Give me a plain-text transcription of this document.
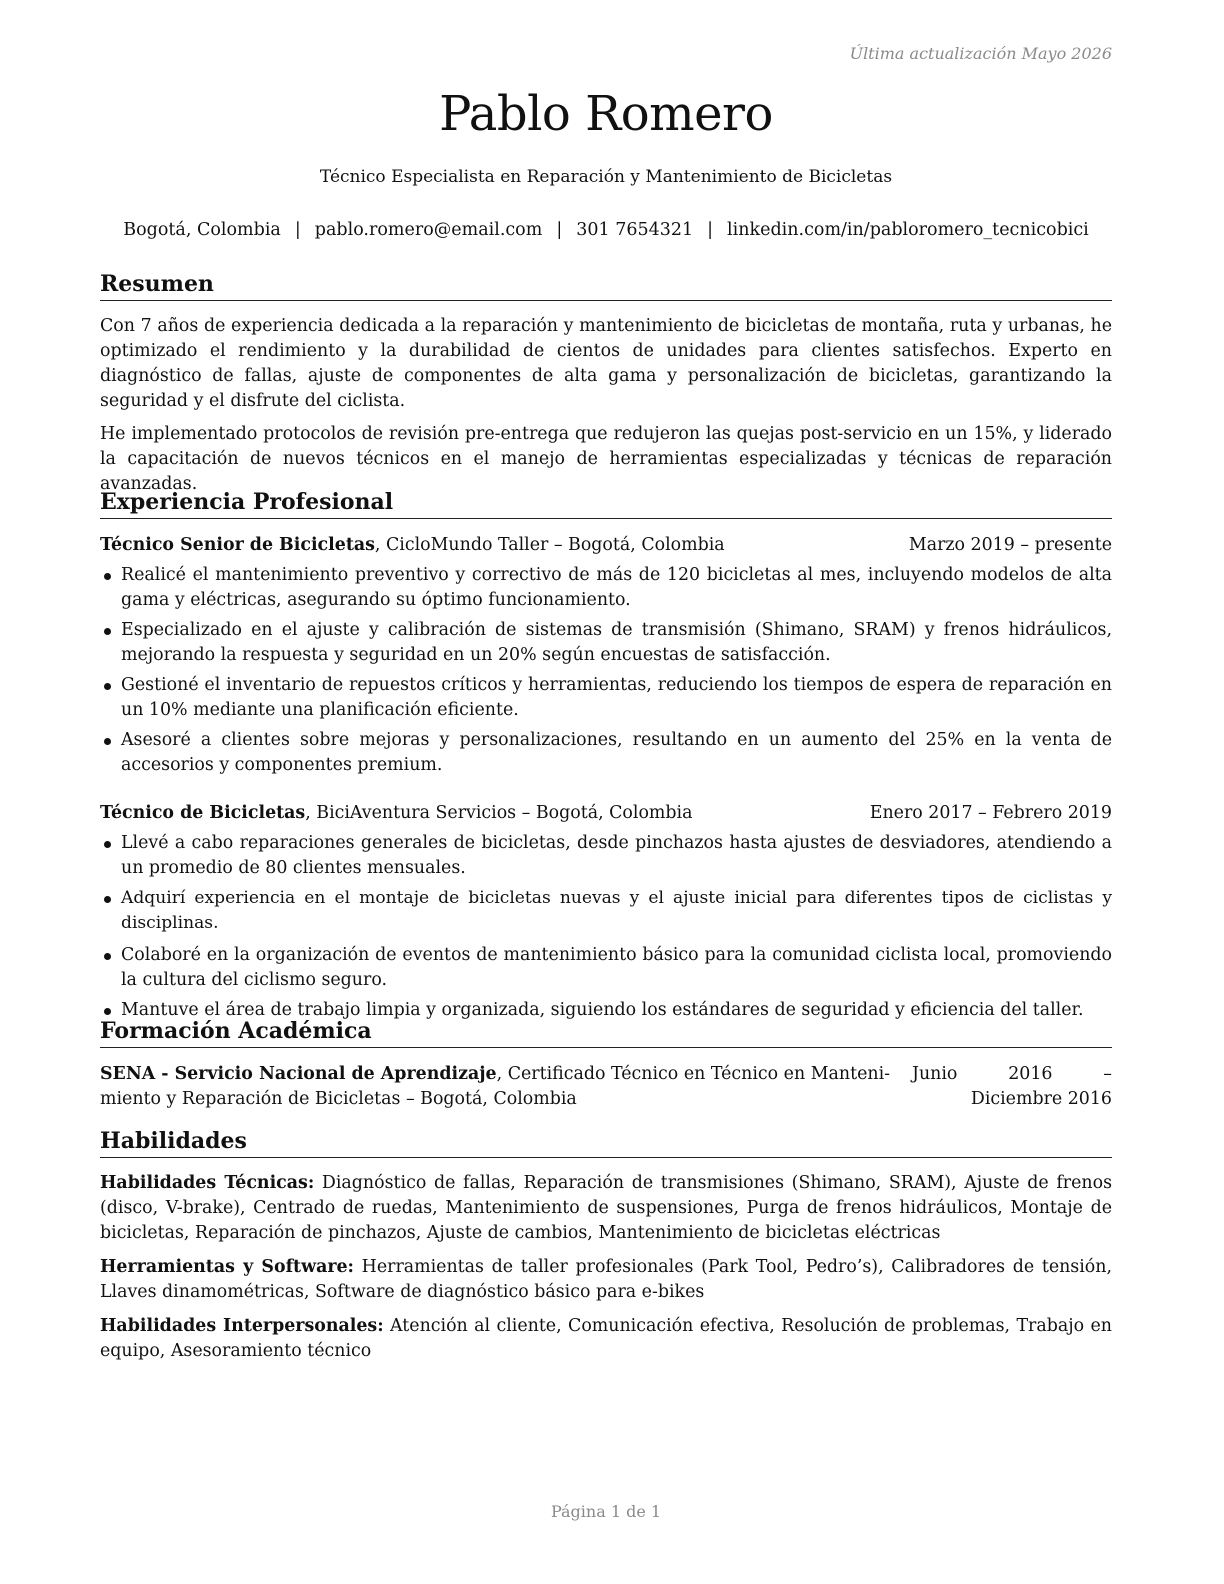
Última actualización Mayo 2026
Pablo Romero
Técnico Especialista en Reparación y Mantenimiento de Bicicletas
Bogotá, Colombia | pablo.romero@email.com | 301 7654321 | linkedin.com/in/pabloromero_tecnicobici
Resumen

Con 7 años de experiencia dedicada a la reparación y mantenimiento de bicicletas de montaña, ruta y urbanas, he optimizado el rendimiento y la durabilidad de cientos de unidades para clientes satisfechos. Experto en diagnóstico de fallas, ajuste de componentes de alta gama y personalización de bicicletas, garantizando la seguridad y el disfrute del ciclista.

He implementado protocolos de revisión pre-entrega que redujeron las quejas post-servicio en un 15%, y liderado la capacitación de nuevos técnicos en el manejo de herramientas especializadas y técnicas de reparación avanzadas.

Experiencia Profesional
Técnico Senior de Bicicletas, CicloMundo Taller – Bogotá, Colombia	Marzo 2019 – presente
Realicé el mantenimiento preventivo y correctivo de más de 120 bicicletas al mes, incluyendo modelos de alta gama y eléctricas, asegurando su óptimo funcionamiento.
Especializado en el ajuste y calibración de sistemas de transmisión (Shimano, SRAM) y frenos hidráulicos, mejorando la respuesta y seguridad en un 20% según encuestas de satisfacción.
Gestioné el inventario de repuestos críticos y herramientas, reduciendo los tiempos de espera de reparación en un 10% mediante una planificación eficiente.
Asesoré a clientes sobre mejoras y personalizaciones, resultando en un aumento del 25% en la venta de accesorios y componentes premium.
Técnico de Bicicletas, BiciAventura Servicios – Bogotá, Colombia	Enero 2017 – Febrero 2019
Llevé a cabo reparaciones generales de bicicletas, desde pinchazos hasta ajustes de desviadores, atendiendo a un promedio de 80 clientes mensuales.
Adquirí experiencia en el montaje de bicicletas nuevas y el ajuste inicial para diferentes tipos de ciclistas y disciplinas.
Colaboré en la organización de eventos de mantenimiento básico para la comunidad ciclista local, promoviendo la cultura del ciclismo seguro.
Mantuve el área de trabajo limpia y organizada, siguiendo los estándares de seguridad y eficiencia del taller.
Formación Académica
SENA - Servicio Nacional de Aprendizaje, Certificado Técnico en Técnico en Manteni-miento y Reparación de Bicicletas – Bogotá, Colombia
Junio 2016 – Diciembre 2016
Habilidades

Habilidades Técnicas: Diagnóstico de fallas, Reparación de transmisiones (Shimano, SRAM), Ajuste de frenos (disco, V-brake), Centrado de ruedas, Mantenimiento de suspensiones, Purga de frenos hidráulicos, Montaje de bicicletas, Reparación de pinchazos, Ajuste de cambios, Mantenimiento de bicicletas eléctricas

Herramientas y Software: Herramientas de taller profesionales (Park Tool, Pedro’s), Calibradores de tensión, Llaves dinamométricas, Software de diagnóstico básico para e-bikes

Habilidades Interpersonales: Atención al cliente, Comunicación efectiva, Resolución de problemas, Trabajo en equipo, Asesoramiento técnico

Página 1 de 1
